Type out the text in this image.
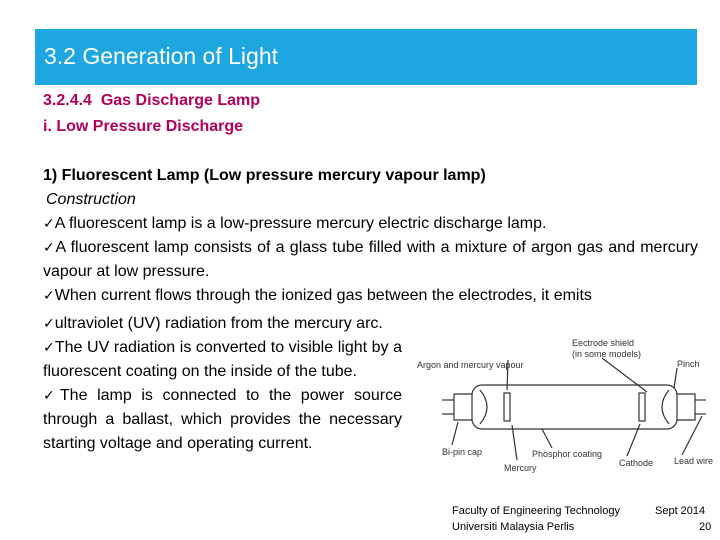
3.2 Generation of Light
3.2.4.4  Gas Discharge Lamp
i. Low Pressure Discharge
1) Fluorescent Lamp (Low pressure mercury vapour lamp)
Construction
✓A fluorescent lamp is a low-pressure mercury electric discharge lamp.
✓A fluorescent lamp consists of a glass tube filled with a mixture of argon gas and mercury vapour at low pressure.
✓When current flows through the ionized gas between the electrodes, it emits

✓ultraviolet (UV) radiation from the mercury arc.

✓The UV radiation is converted to visible light by a fluorescent coating on the inside of the tube.

✓The lamp is connected to the power source through a ballast, which provides the necessary starting voltage and operating current.

Eectrode shield
(in some models)
Argon and mercury vapour	Pinch
Bi-pin cap	Phosphor coating
Mercury	Cathode Lead wire
Faculty of Engineering Technology	Sept 2014
Universiti Malaysia Perlis	20
